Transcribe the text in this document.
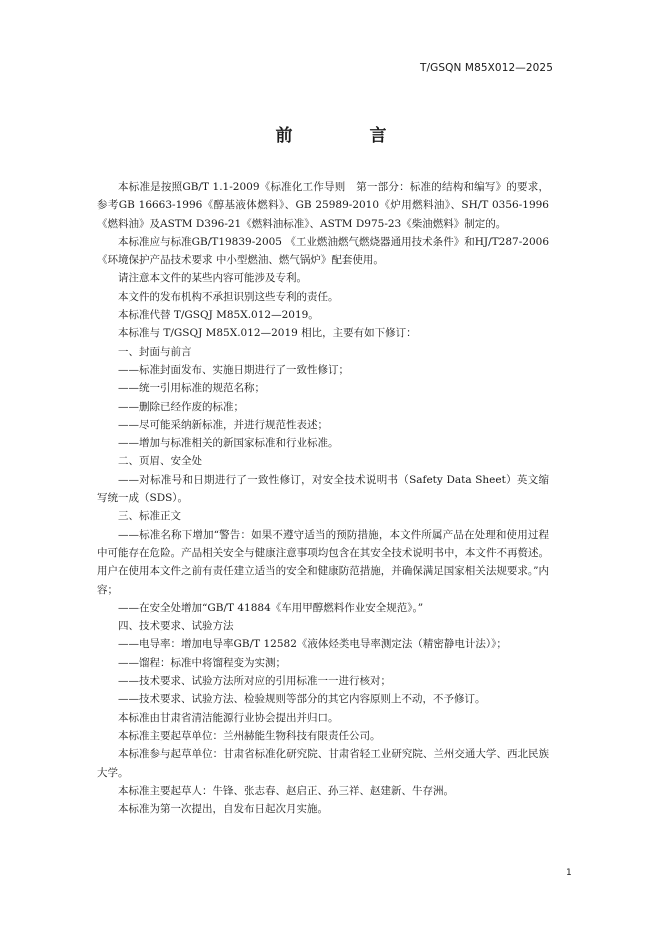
T/GSQN M85X012—2025
前　言

本标准是按照GB/T 1.1-2009《标准化工作导则　第一部分：标准的结构和编写》的要求，参考GB 16663-1996《醇基液体燃料》、GB 25989-2010《炉用燃料油》、SH/T 0356-1996《燃料油》及ASTM D396-21《燃料油标准》、ASTM D975-23《柴油燃料》制定的。

本标准应与标准GB/T19839-2005 《工业燃油燃气燃烧器通用技术条件》和HJ/T287-2006《环境保护产品技术要求 中小型燃油、燃气锅炉》配套使用。

请注意本文件的某些内容可能涉及专利。

本文件的发布机构不承担识别这些专利的责任。

本标准代替 T/GSQJ M85X.012—2019。

本标准与 T/GSQJ M85X.012—2019 相比，主要有如下修订：

一、封面与前言

——标准封面发布、实施日期进行了一致性修订；

——统一引用标准的规范名称；

——删除已经作废的标准；

——尽可能采纳新标准，并进行规范性表述；

——增加与标准相关的新国家标准和行业标准。

二、页眉、安全处

——对标准号和日期进行了一致性修订，对安全技术说明书（Safety Data Sheet）英文缩写统一成（SDS）。

三、标准正文

——标准名称下增加“警告：如果不遵守适当的预防措施，本文件所属产品在处理和使用过程中可能存在危险。产品相关安全与健康注意事项均包含在其安全技术说明书中，本文件不再赘述。用户在使用本文件之前有责任建立适当的安全和健康防范措施，并确保满足国家相关法规要求。”内容；

——在安全处增加“GB/T 41884《车用甲醇燃料作业安全规范》。”

四、技术要求、试验方法

——电导率：增加电导率GB/T 12582《液体烃类电导率测定法（精密静电计法）》；

——馏程：标准中将馏程变为实测；

——技术要求、试验方法所对应的引用标准一一进行核对；

——技术要求、试验方法、检验规则等部分的其它内容原则上不动，不予修订。

本标准由甘肃省清洁能源行业协会提出并归口。

本标准主要起草单位：兰州赫能生物科技有限责任公司。

本标准参与起草单位：甘肃省标准化研究院、甘肃省轻工业研究院、兰州交通大学、西北民族大学。

本标准主要起草人：牛锋、张志春、赵启正、孙三祥、赵建新、牛存洲。

本标准为第一次提出，自发布日起次月实施。

1
